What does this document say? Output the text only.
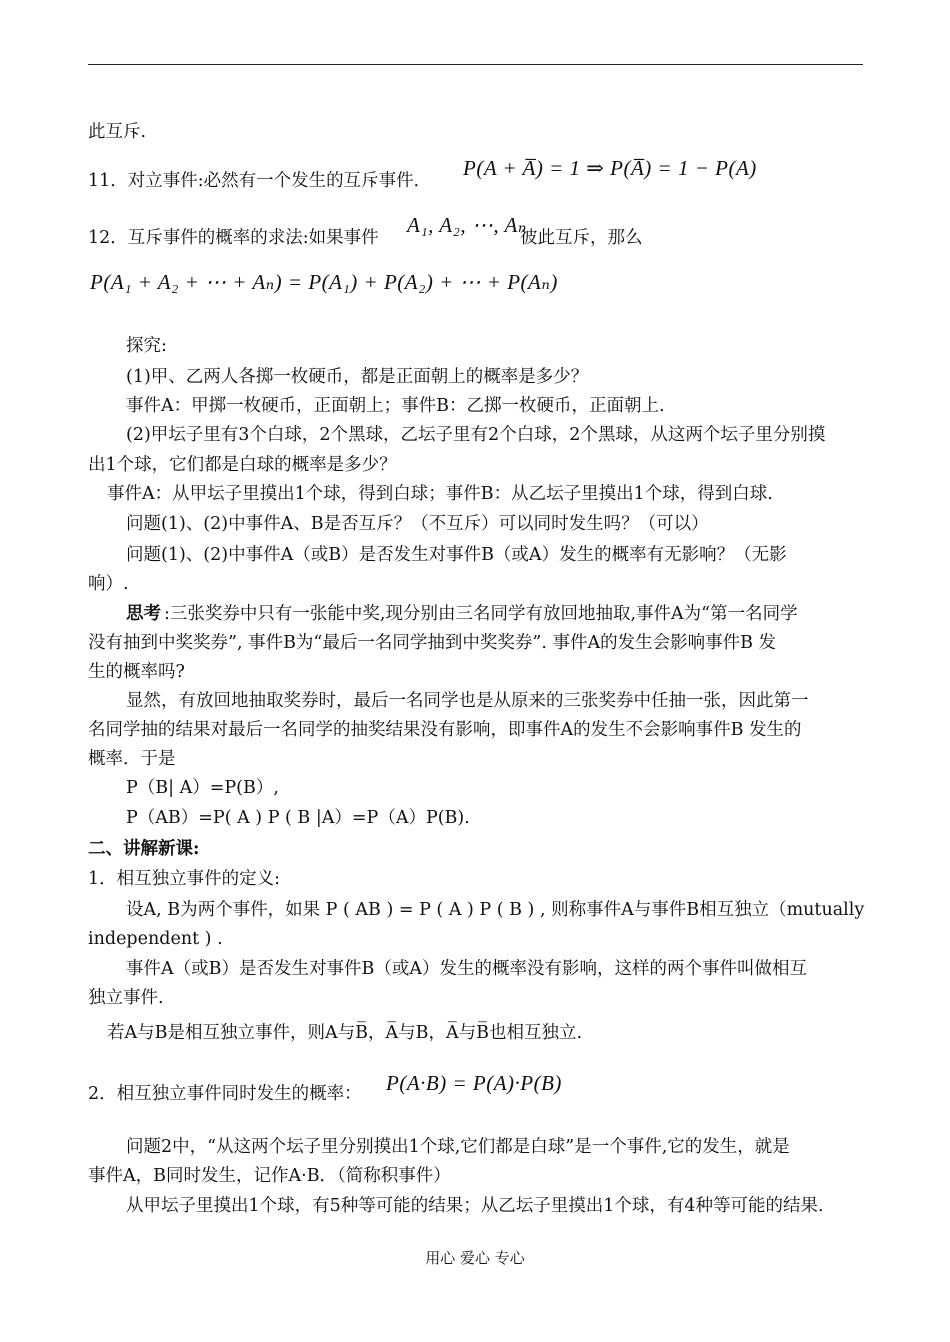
此互斥.
11．对立事件:必然有一个发生的互斥事件．
P(A + A̅) = 1 ⇒ P(A̅) = 1 − P(A)
12．互斥事件的概率的求法:如果事件
A₁, A₂, ⋯, Aₙ
彼此互斥，那么
P(A₁ + A₂ + ⋯ + Aₙ) = P(A₁) + P(A₂) + ⋯ + P(Aₙ)
探究:
(1)甲、乙两人各掷一枚硬币，都是正面朝上的概率是多少？
事件A：甲掷一枚硬币，正面朝上；事件B：乙掷一枚硬币，正面朝上.
(2)甲坛子里有3个白球，2个黑球，乙坛子里有2个白球，2个黑球，从这两个坛子里分别摸
出1个球，它们都是白球的概率是多少？
事件A：从甲坛子里摸出1个球，得到白球；事件B：从乙坛子里摸出1个球，得到白球.
问题(1)、(2)中事件A、B是否互斥？（不互斥）可以同时发生吗？（可以）
问题(1)、(2)中事件A（或B）是否发生对事件B（或A）发生的概率有无影响？（无影
响）.
思考 :三张奖券中只有一张能中奖,现分别由三名同学有放回地抽取,事件A为“第一名同学
没有抽到中奖奖券”, 事件B为“最后一名同学抽到中奖奖券”. 事件A的发生会影响事件B 发
生的概率吗?
显然，有放回地抽取奖券时，最后一名同学也是从原来的三张奖券中任抽一张，因此第一
名同学抽的结果对最后一名同学的抽奖结果没有影响，即事件A的发生不会影响事件B 发生的
概率．于是
P（B| A）=P(B）,
P（AB）=P( A ) P ( B |A）=P（A）P(B).
二、讲解新课:
1．相互独立事件的定义:
设A, B为两个事件，如果 P ( AB ) = P ( A ) P ( B ) , 则称事件A与事件B相互独立（mutually
independent ) .
事件A（或B）是否发生对事件B（或A）发生的概率没有影响，这样的两个事件叫做相互
独立事件.
若A与B是相互独立事件，则A与B̅，A̅与B，A̅与B̅也相互独立.
2．相互独立事件同时发生的概率：	P(A·B) = P(A)·P(B)
问题2中，“从这两个坛子里分别摸出1个球,它们都是白球”是一个事件,它的发生，就是
事件A，B同时发生，记作A·B．（简称积事件）
从甲坛子里摸出1个球，有5种等可能的结果；从乙坛子里摸出1个球，有4种等可能的结果.
用心 爱心 专心
